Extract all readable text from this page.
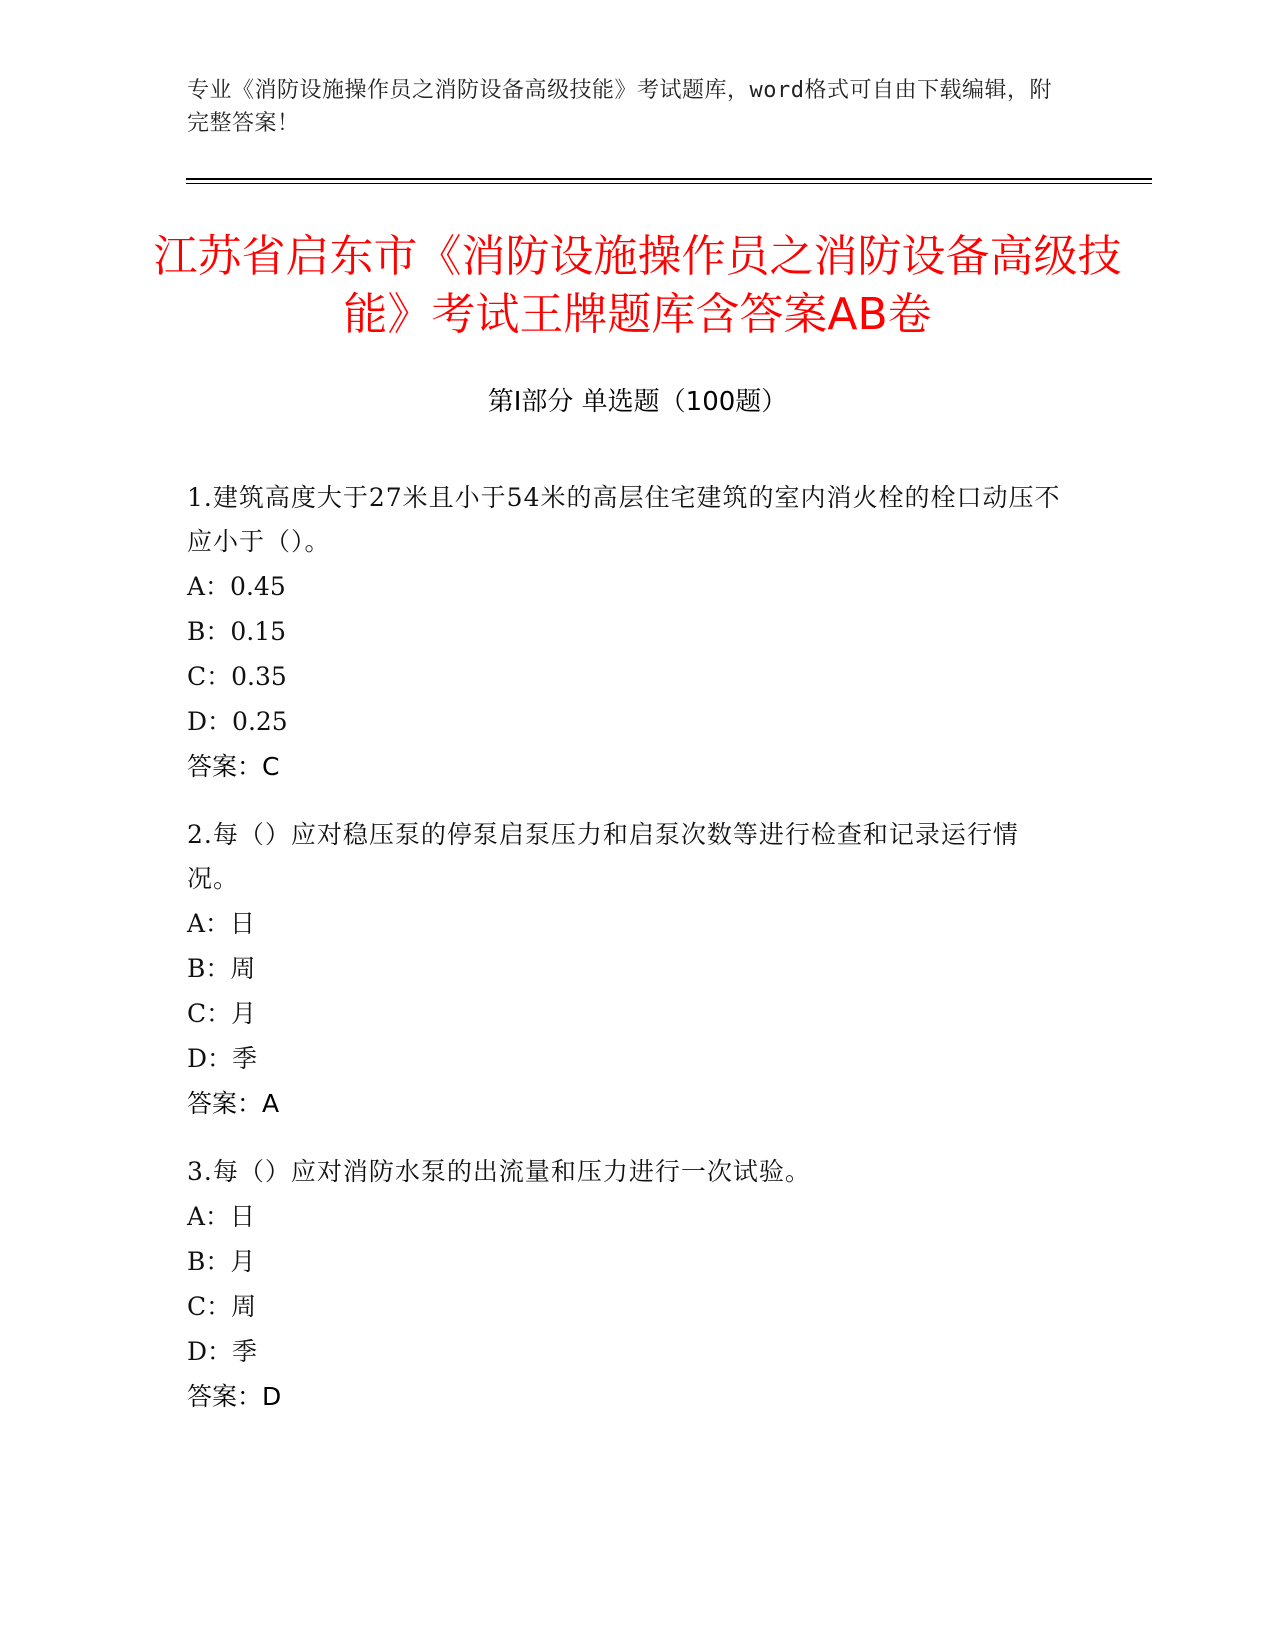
专业《消防设施操作员之消防设备高级技能》考试题库，word格式可自由下载编辑，附完整答案！
江苏省启东市《消防设施操作员之消防设备高级技能》考试王牌题库含答案AB卷
第Ⅰ部分 单选题（100题）

1.建筑高度大于27米且小于54米的高层住宅建筑的室内消火栓的栓口动压不应小于（）。

A：0.45

B：0.15

C：0.35

D：0.25

答案：C

2.每（）应对稳压泵的停泵启泵压力和启泵次数等进行检查和记录运行情况。

A：日

B：周

C：月

D：季

答案：A

3.每（）应对消防水泵的出流量和压力进行一次试验。

A：日

B：月

C：周

D：季

答案：D
